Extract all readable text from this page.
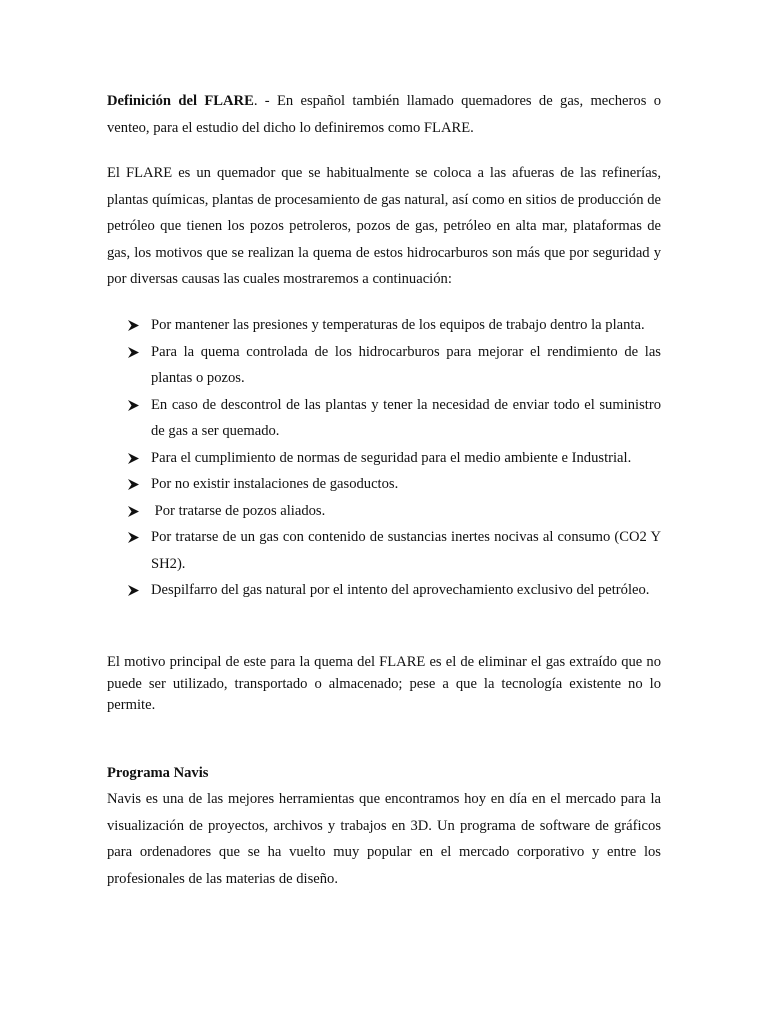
Definición del FLARE. - En español también llamado quemadores de gas, mecheros o venteo, para el estudio del dicho lo definiremos como FLARE.

El FLARE es un quemador que se habitualmente se coloca a las afueras de las refinerías, plantas químicas, plantas de procesamiento de gas natural, así como en sitios de producción de petróleo que tienen los pozos petroleros, pozos de gas, petróleo en alta mar, plataformas de gas, los motivos que se realizan la quema de estos hidrocarburos son más que por seguridad y por diversas causas las cuales mostraremos a continuación:

Por mantener las presiones y temperaturas de los equipos de trabajo dentro la planta.
Para la quema controlada de los hidrocarburos para mejorar el rendimiento de las plantas o pozos.
En caso de descontrol de las plantas y tener la necesidad de enviar todo el suministro de gas a ser quemado.
Para el cumplimiento de normas de seguridad para el medio ambiente e Industrial.
Por no existir instalaciones de gasoductos.
Por tratarse de pozos aliados.
Por tratarse de un gas con contenido de sustancias inertes nocivas al consumo (CO2 Y SH2).
Despilfarro del gas natural por el intento del aprovechamiento exclusivo del petróleo.

El motivo principal de este para la quema del FLARE es el de eliminar el gas extraído que no puede ser utilizado, transportado o almacenado; pese a que la tecnología existente no lo permite.

Programa Navis

Navis es una de las mejores herramientas que encontramos hoy en día en el mercado para la visualización de proyectos, archivos y trabajos en 3D. Un programa de software de gráficos para ordenadores que se ha vuelto muy popular en el mercado corporativo y entre los profesionales de las materias de diseño.
